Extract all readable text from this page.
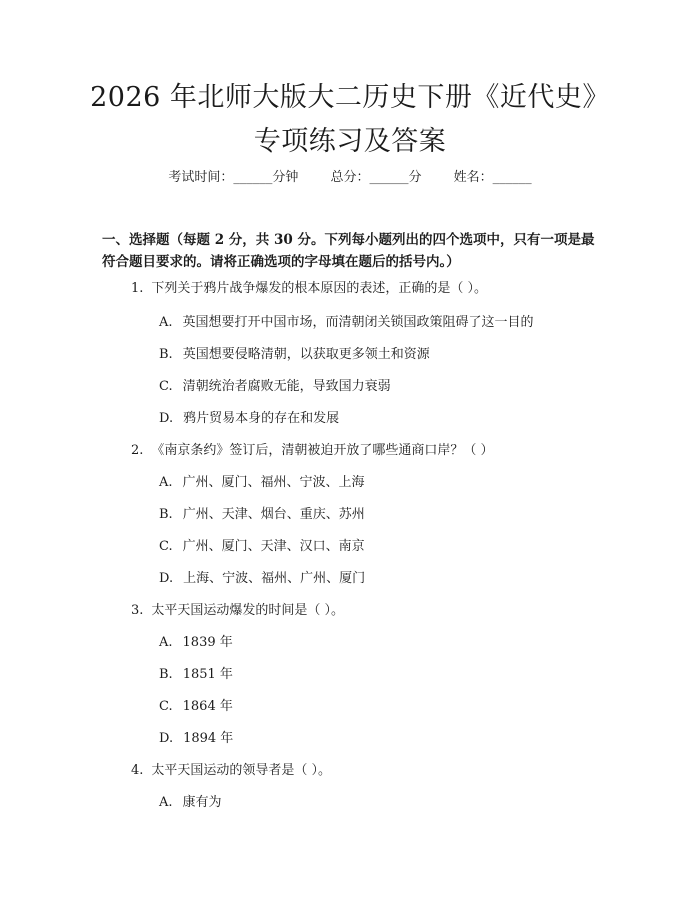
2026 年北师大版大二历史下册《近代史》专项练习及答案
考试时间：______分钟 总分：______分 姓名：______
一、选择题（每题 2 分，共 30 分。下列每小题列出的四个选项中，只有一项是最符合题目要求的。请将正确选项的字母填在题后的括号内。）
1. 下列关于鸦片战争爆发的根本原因的表述，正确的是（ ）。
A. 英国想要打开中国市场，而清朝闭关锁国政策阻碍了这一目的
B. 英国想要侵略清朝，以获取更多领土和资源
C. 清朝统治者腐败无能，导致国力衰弱
D. 鸦片贸易本身的存在和发展
2. 《南京条约》签订后，清朝被迫开放了哪些通商口岸？（ ）
A. 广州、厦门、福州、宁波、上海
B. 广州、天津、烟台、重庆、苏州
C. 广州、厦门、天津、汉口、南京
D. 上海、宁波、福州、广州、厦门
3. 太平天国运动爆发的时间是（ ）。
A. 1839 年
B. 1851 年
C. 1864 年
D. 1894 年
4. 太平天国运动的领导者是（ ）。
A. 康有为
